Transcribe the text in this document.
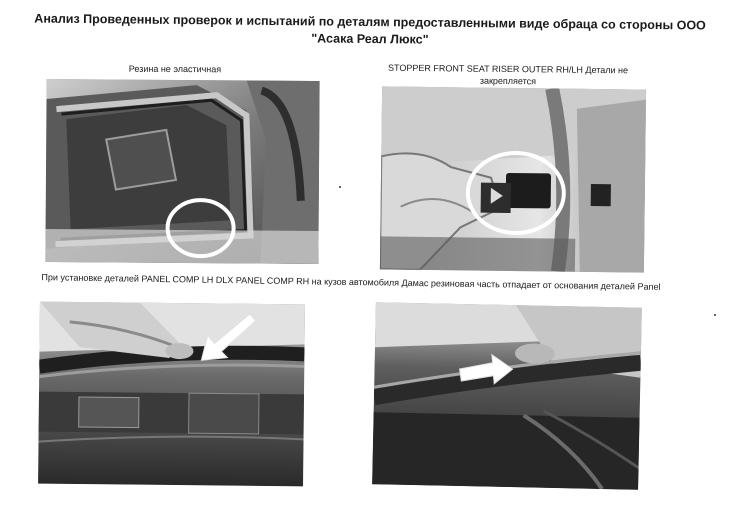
Анализ Проведенных проверок и испытаний по деталям предоставленными виде обраца со стороны ООО "Асака Реал Люкс"
Резина не эластичная	STOPPER FRONT SEAT RISER OUTER RH/LH Детали не закрепляется
При установке деталей PANEL COMP LH DLX PANEL COMP RH на кузов автомобиля Дамас резиновая часть отпадает от основания деталей Panel
